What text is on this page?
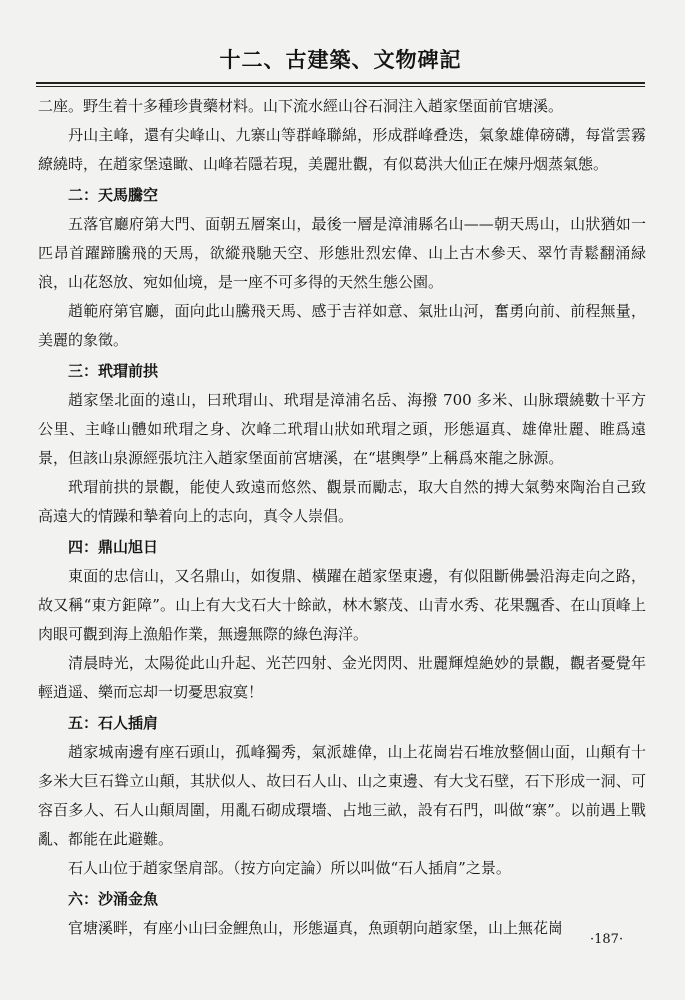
十二、古建築、文物碑記

二座。野生着十多種珍貴藥材料。山下流水經山谷石洞注入趙家堡面前官塘溪。

丹山主峰，還有尖峰山、九寨山等群峰聯綿，形成群峰叠迭，氣象雄偉磅礴，每當雲霧繚繞時，在趙家堡遠瞰、山峰若隱若現，美麗壯觀，有似葛洪大仙正在煉丹烟蒸氣態。

二：天馬騰空

五落官廳府第大門、面朝五層案山，最後一層是漳浦縣名山——朝天馬山，山狀猶如一匹昂首躍蹄騰飛的天馬，欲縱飛馳天空、形態壯烈宏偉、山上古木參天、翠竹青鬆翻涌緑浪，山花怒放、宛如仙境，是一座不可多得的天然生態公園。

趙範府第官廳，面向此山騰飛天馬、感于吉祥如意、氣壯山河，奮勇向前、前程無量，美麗的象徵。

三：玳瑁前拱

趙家堡北面的遠山，曰玳瑁山、玳瑁是漳浦名岳、海撥 700 多米、山脉環繞數十平方公里、主峰山體如玳瑁之身、次峰二玳瑁山狀如玳瑁之頭，形態逼真、雄偉壯麗、睢爲遠景，但該山泉源經張坑注入趙家堡面前宮塘溪，在“堪輿學”上稱爲來龍之脉源。

玳瑁前拱的景觀，能使人致遠而悠然、觀景而勵志，取大自然的搏大氣勢來陶治自己致高遠大的情躁和摯着向上的志向，真令人崇倡。

四：鼎山旭日

東面的忠信山，又名鼎山，如復鼎、橫躍在趙家堡東邊，有似阻斷佛曇沿海走向之路，故又稱“東方鉅障”。山上有大戈石大十餘畝，林木繁茂、山青水秀、花果飄香、在山頂峰上肉眼可觀到海上漁船作業，無邊無際的綠色海洋。

清晨時光，太陽從此山升起、光芒四射、金光閃閃、壯麗輝煌絶妙的景觀，觀者憂覺年輕逍遥、樂而忘却一切憂思寂寞！

五：石人插肩

趙家城南邊有座石頭山，孤峰獨秀，氣派雄偉，山上花崗岩石堆放整個山面，山顛有十多米大巨石聳立山顛，其狀似人、故曰石人山、山之東邊、有大戈石壁，石下形成一洞、可容百多人、石人山顛周圍，用亂石砌成環墻、占地三畝，設有石門，叫做“寨”。以前遇上戰亂、都能在此避難。

石人山位于趙家堡肩部。（按方向定論）所以叫做“石人插肩”之景。

六：沙涌金魚

官塘溪畔，有座小山曰金鯉魚山，形態逼真，魚頭朝向趙家堡，山上無花崗

·187·
